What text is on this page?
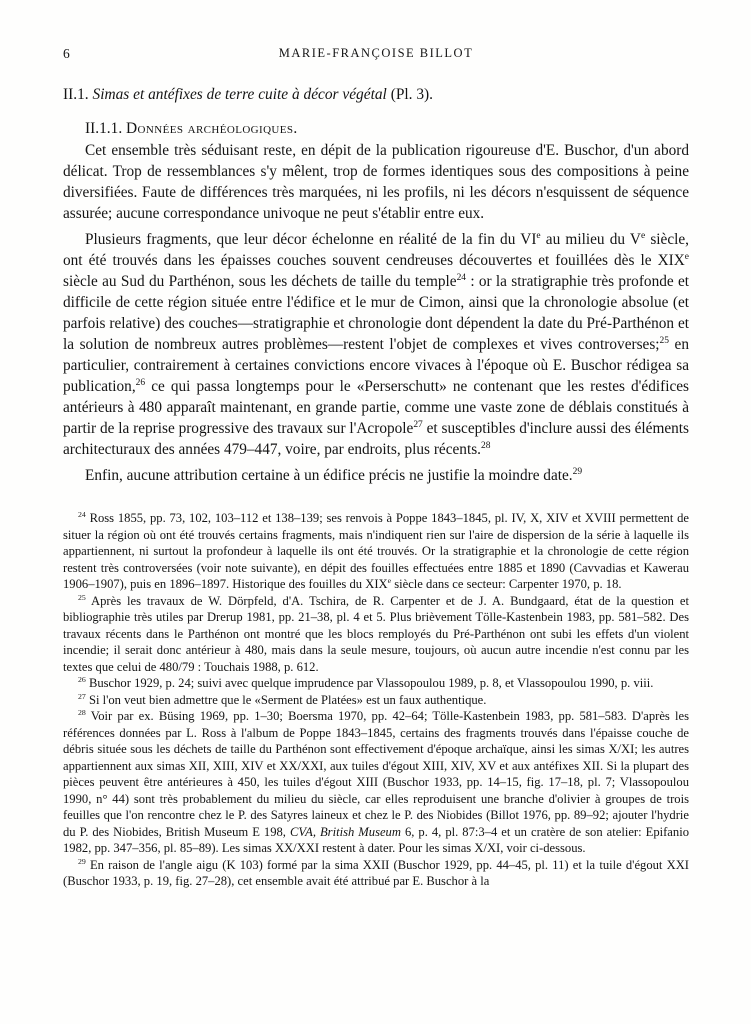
6	MARIE-FRANÇOISE BILLOT
II.1. Simas et antéfixes de terre cuite à décor végétal (Pl. 3).
II.1.1. Données archéologiques.

Cet ensemble très séduisant reste, en dépit de la publication rigoureuse d'E. Buschor, d'un abord délicat. Trop de ressemblances s'y mêlent, trop de formes identiques sous des compositions à peine diversifiées. Faute de différences très marquées, ni les profils, ni les décors n'esquissent de séquence assurée; aucune correspondance univoque ne peut s'établir entre eux.

Plusieurs fragments, que leur décor échelonne en réalité de la fin du VIe au milieu du Ve siècle, ont été trouvés dans les épaisses couches souvent cendreuses découvertes et fouillées dès le XIXe siècle au Sud du Parthénon, sous les déchets de taille du temple$^{24}$ : or la stratigraphie très profonde et difficile de cette région située entre l'édifice et le mur de Cimon, ainsi que la chronologie absolue (et parfois relative) des couches—stratigraphie et chronologie dont dépendent la date du Pré-Parthénon et la solution de nombreux autres problèmes—restent l'objet de complexes et vives controverses;$^{25}$ en particulier, contrairement à certaines convictions encore vivaces à l'époque où E. Buschor rédigea sa publication,$^{26}$ ce qui passa longtemps pour le «Perserschutt» ne contenant que les restes d'édifices antérieurs à 480 apparaît maintenant, en grande partie, comme une vaste zone de déblais constitués à partir de la reprise progressive des travaux sur l'Acropole$^{27}$ et susceptibles d'inclure aussi des éléments architecturaux des années 479–447, voire, par endroits, plus récents.$^{28}$

Enfin, aucune attribution certaine à un édifice précis ne justifie la moindre date.$^{29}$

$^{24}$ Ross 1855, pp. 73, 102, 103–112 et 138–139; ses renvois à Poppe 1843–1845, pl. IV, X, XIV et XVIII permettent de situer la région où ont été trouvés certains fragments, mais n'indiquent rien sur l'aire de dispersion de la série à laquelle ils appartiennent, ni surtout la profondeur à laquelle ils ont été trouvés. Or la stratigraphie et la chronologie de cette région restent très controversées (voir note suivante), en dépit des fouilles effectuées entre 1885 et 1890 (Cavvadias et Kawerau 1906–1907), puis en 1896–1897. Historique des fouilles du XIXe siècle dans ce secteur: Carpenter 1970, p. 18.

$^{25}$ Après les travaux de W. Dörpfeld, d'A. Tschira, de R. Carpenter et de J. A. Bundgaard, état de la question et bibliographie très utiles par Drerup 1981, pp. 21–38, pl. 4 et 5. Plus brièvement Tölle-Kastenbein 1983, pp. 581–582. Des travaux récents dans le Parthénon ont montré que les blocs remployés du Pré-Parthénon ont subi les effets d'un violent incendie; il serait donc antérieur à 480, mais dans la seule mesure, toujours, où aucun autre incendie n'est connu par les textes que celui de 480/79 : Touchais 1988, p. 612.

$^{26}$ Buschor 1929, p. 24; suivi avec quelque imprudence par Vlassopoulou 1989, p. 8, et Vlassopoulou 1990, p. viii.

$^{27}$ Si l'on veut bien admettre que le «Serment de Platées» est un faux authentique.

$^{28}$ Voir par ex. Büsing 1969, pp. 1–30; Boersma 1970, pp. 42–64; Tölle-Kastenbein 1983, pp. 581–583. D'après les références données par L. Ross à l'album de Poppe 1843–1845, certains des fragments trouvés dans l'épaisse couche de débris située sous les déchets de taille du Parthénon sont effectivement d'époque archaïque, ainsi les simas X/XI; les autres appartiennent aux simas XII, XIII, XIV et XX/XXI, aux tuiles d'égout XIII, XIV, XV et aux antéfixes XII. Si la plupart des pièces peuvent être antérieures à 450, les tuiles d'égout XIII (Buschor 1933, pp. 14–15, fig. 17–18, pl. 7; Vlassopoulou 1990, n° 44) sont très probablement du milieu du siècle, car elles reproduisent une branche d'olivier à groupes de trois feuilles que l'on rencontre chez le P. des Satyres laineux et chez le P. des Niobides (Billot 1976, pp. 89–92; ajouter l'hydrie du P. des Niobides, British Museum E 198, CVA, British Museum 6, p. 4, pl. 87:3–4 et un cratère de son atelier: Epifanio 1982, pp. 347–356, pl. 85–89). Les simas XX/XXI restent à dater. Pour les simas X/XI, voir ci-dessous.

$^{29}$ En raison de l'angle aigu (K 103) formé par la sima XXII (Buschor 1929, pp. 44–45, pl. 11) et la tuile d'égout XXI (Buschor 1933, p. 19, fig. 27–28), cet ensemble avait été attribué par E. Buschor à la
